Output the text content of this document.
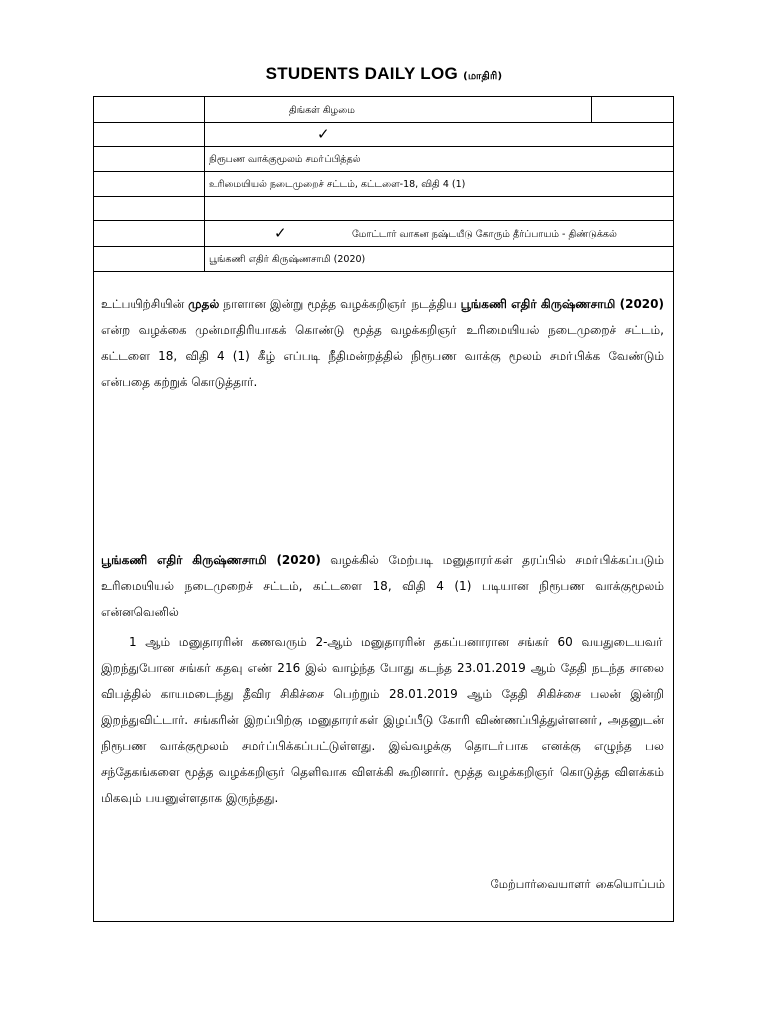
STUDENTS DAILY LOG (மாதிரி)
திங்கள் கிழமை
✓
நிரூபண வாக்குமூலம் சமா்ப்பித்தல்
உரிமையியல் நடைமுறைச் சட்டம், கட்டளை-18, விதி 4 (1)
✓	மோட்டார் வாகன நஷ்டயீடு கோரும் தீர்ப்பாயம் - திண்டுக்கல்
பூங்கணி எதிர் கிருஷ்ணசாமி (2020)

உட்பயிற்சியின் முதல் நாளான இன்று மூத்த வழக்கறிஞா் நடத்திய பூங்கணி எதிர் கிருஷ்ணசாமி (2020) என்ற வழக்கை முன்மாதிரியாகக் கொண்டு மூத்த வழக்கறிஞா் உரிமையியல் நடைமுறைச் சட்டம், கட்டளை 18, விதி 4 (1) கீழ் எப்படி நீதிமன்றத்தில் நிரூபண வாக்கு மூலம் சமா்பிக்க வேண்டும் என்பதை கற்றுக் கொடுத்தார்.

பூங்கணி எதிர் கிருஷ்ணசாமி (2020) வழக்கில் மேற்படி மனுதாரா்கள் தரப்பில் சமா்பிக்கப்படும் உரிமையியல் நடைமுறைச் சட்டம், கட்டளை 18, விதி 4 (1) படியான நிரூபண வாக்குமூலம் என்னவெனில்

1 ஆம் மனுதாரரின் கணவரும் 2-ஆம் மனுதாரரின் தகப்பனாரான சங்கர் 60 வயதுடையவா் இறந்துபோன சங்கர் கதவு எண் 216 இல் வாழ்ந்த போது கடந்த 23.01.2019 ஆம் தேதி நடந்த சாலை விபத்தில் காயமடைந்து தீவிர சிகிச்சை பெற்றும் 28.01.2019 ஆம் தேதி சிகிச்சை பலன் இன்றி இறந்துவிட்டார். சங்கரின் இறப்பிற்கு மனுதாரா்கள் இழப்பீடு கோரி விண்ணப்பித்துள்ளனா், அதனுடன் நிரூபண வாக்குமூலம் சமா்ப்பிக்கப்பட்டுள்ளது. இவ்வழக்கு தொடா்பாக எனக்கு எழுந்த பல சந்தேகங்களை மூத்த வழக்கறிஞா் தெளிவாக விளக்கி கூறினார். மூத்த வழக்கறிஞா் கொடுத்த விளக்கம் மிகவும் பயனுள்ளதாக இருந்தது.

மேற்பார்வையாளா் கையொப்பம்
